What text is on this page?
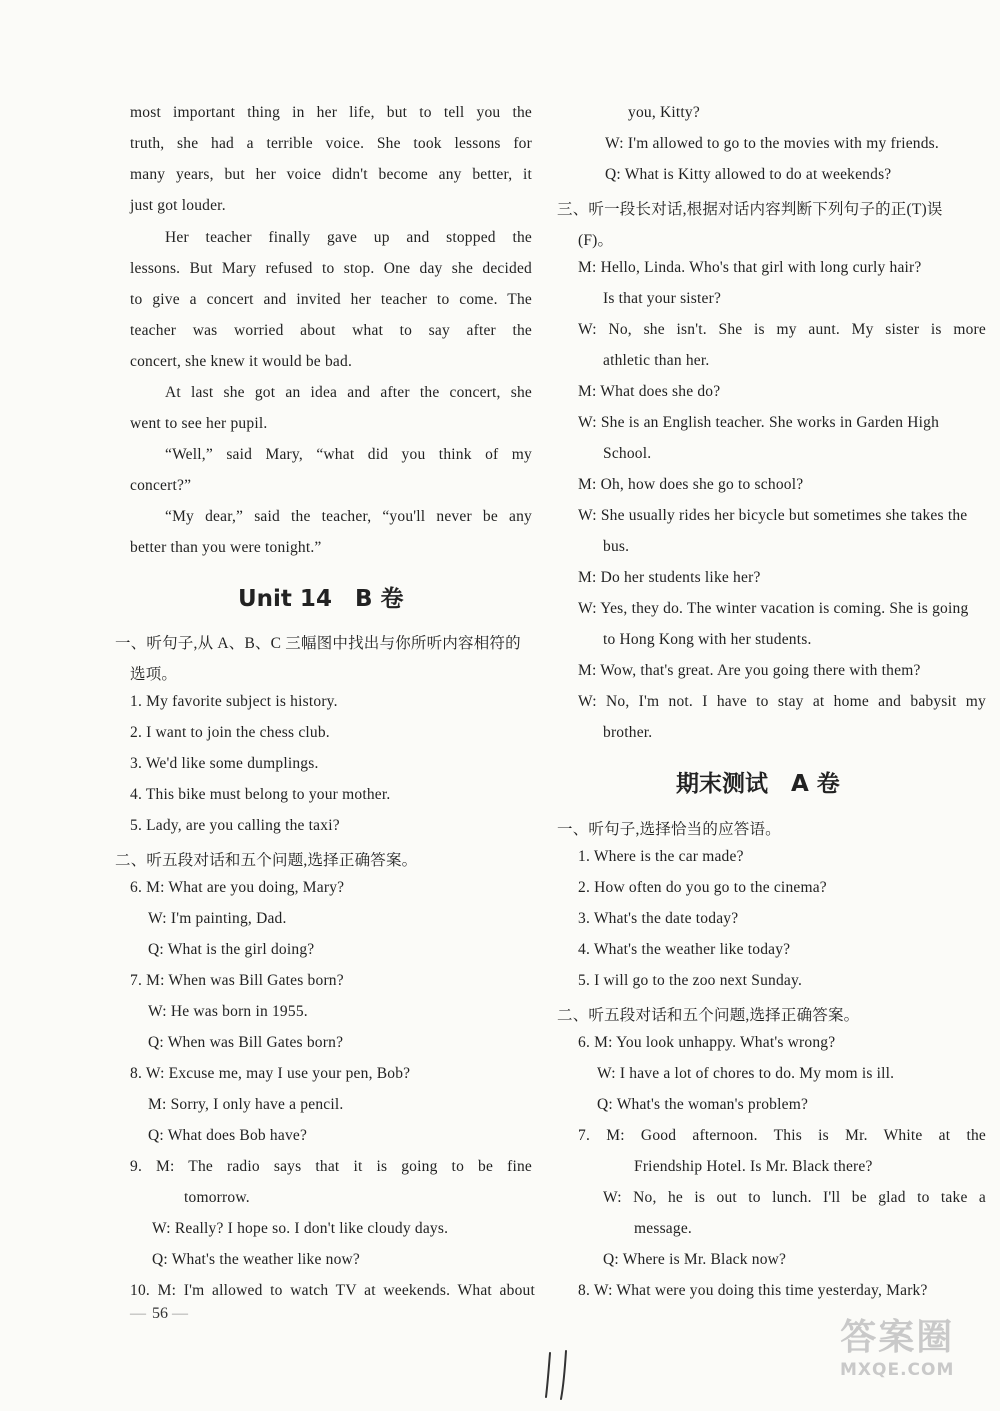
most important thing in her life, but to tell you the
truth, she had a terrible voice. She took lessons for
many years, but her voice didn't become any better, it
just got louder.
Her teacher finally gave up and stopped the
lessons. But Mary refused to stop. One day she decided
to give a concert and invited her teacher to come. The
teacher was worried about what to say after the
concert, she knew it would be bad.
At last she got an idea and after the concert, she
went to see her pupil.
“Well,” said Mary, “what did you think of my
concert?”
“My dear,” said the teacher, “you'll never be any
better than you were tonight.”
Unit 14　B 卷
一、听句子,从 A、B、C 三幅图中找出与你所听内容相符的
选项。
1. My favorite subject is history.
2. I want to join the chess club.
3. We'd like some dumplings.
4. This bike must belong to your mother.
5. Lady, are you calling the taxi?
二、听五段对话和五个问题,选择正确答案。
6. M: What are you doing, Mary?
W: I'm painting, Dad.
Q: What is the girl doing?
7. M: When was Bill Gates born?
W: He was born in 1955.
Q: When was Bill Gates born?
8. W: Excuse me, may I use your pen, Bob?
M: Sorry, I only have a pencil.
Q: What does Bob have?
9. M: The radio says that it is going to be fine
tomorrow.
W: Really? I hope so. I don't like cloudy days.
Q: What's the weather like now?
10. M: I'm allowed to watch TV at weekends. What about
you, Kitty?
W: I'm allowed to go to the movies with my friends.
Q: What is Kitty allowed to do at weekends?
三、听一段长对话,根据对话内容判断下列句子的正(T)误
(F)。
M: Hello, Linda. Who's that girl with long curly hair?
Is that your sister?
W: No, she isn't. She is my aunt. My sister is more
athletic than her.
M: What does she do?
W: She is an English teacher. She works in Garden High
School.
M: Oh, how does she go to school?
W: She usually rides her bicycle but sometimes she takes the
bus.
M: Do her students like her?
W: Yes, they do. The winter vacation is coming. She is going
to Hong Kong with her students.
M: Wow, that's great. Are you going there with them?
W: No, I'm not. I have to stay at home and babysit my
brother.
期末测试　A 卷
一、听句子,选择恰当的应答语。
1. Where is the car made?
2. How often do you go to the cinema?
3. What's the date today?
4. What's the weather like today?
5. I will go to the zoo next Sunday.
二、听五段对话和五个问题,选择正确答案。
6. M: You look unhappy. What's wrong?
W: I have a lot of chores to do. My mom is ill.
Q: What's the woman's problem?
7. M: Good afternoon. This is Mr. White at the
Friendship Hotel. Is Mr. Black there?
W: No, he is out to lunch. I'll be glad to take a
message.
Q: Where is Mr. Black now?
8. W: What were you doing this time yesterday, Mark?
— 56 —
答案圈
MXQE.COM
